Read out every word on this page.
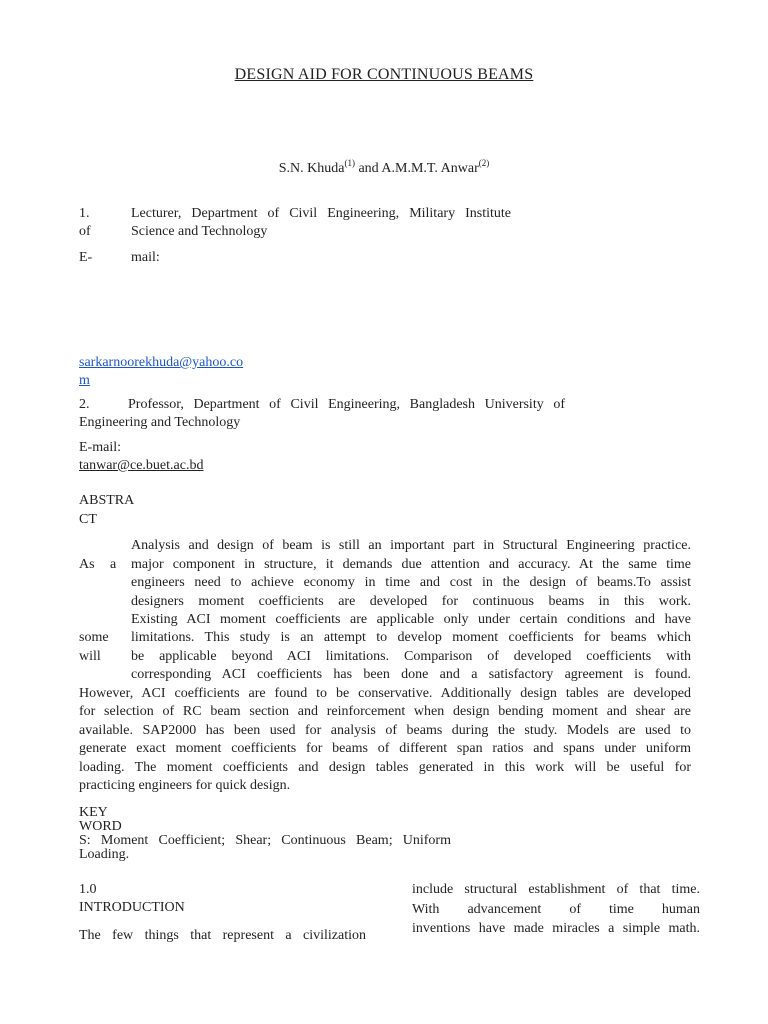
DESIGN AID FOR CONTINUOUS BEAMS
S.N. Khuda$^{(1)}$ and A.M.M.T. Anwar$^{(2)}$
1.	Lecturer, Department of Civil Engineering, Military Institute
of	Science and Technology
E-	mail:
sarkarnoorekhuda@yahoo.co
m
2.    Professor, Department of Civil Engineering, Bangladesh University of
Engineering and Technology
E-mail:
tanwar@ce.buet.ac.bd
ABSTRA
CT
As a
some
will
Analysis and design of beam is still an important part in Structural Engineering practice.
major component in structure, it demands due attention and accuracy. At the same time
engineers need to achieve economy in time and cost in the design of beams.To assist
designers moment coefficients are developed for continuous beams in this work.
Existing ACI moment coefficients are applicable only under certain conditions and have
limitations. This study is an attempt to develop moment coefficients for beams which
be applicable beyond ACI limitations. Comparison of developed coefficients with
corresponding ACI coefficients has been done and a satisfactory agreement is found.
However, ACI coefficients are found to be conservative. Additionally design tables are developed
for selection of RC beam section and reinforcement when design bending moment and shear are
available. SAP2000 has been used for analysis of beams during the study. Models are used to
generate exact moment coefficients for beams of different span ratios and spans under uniform
loading. The moment coefficients and design tables generated in this work will be useful for
practicing engineers for quick design.
KEY
WORD
S: Moment Coefficient; Shear; Continuous Beam; Uniform
Loading.
1.0
INTRODUCTION
The few things that represent a civilization
include structural establishment of that time.
With advancement of time human
inventions have made miracles a simple math.
